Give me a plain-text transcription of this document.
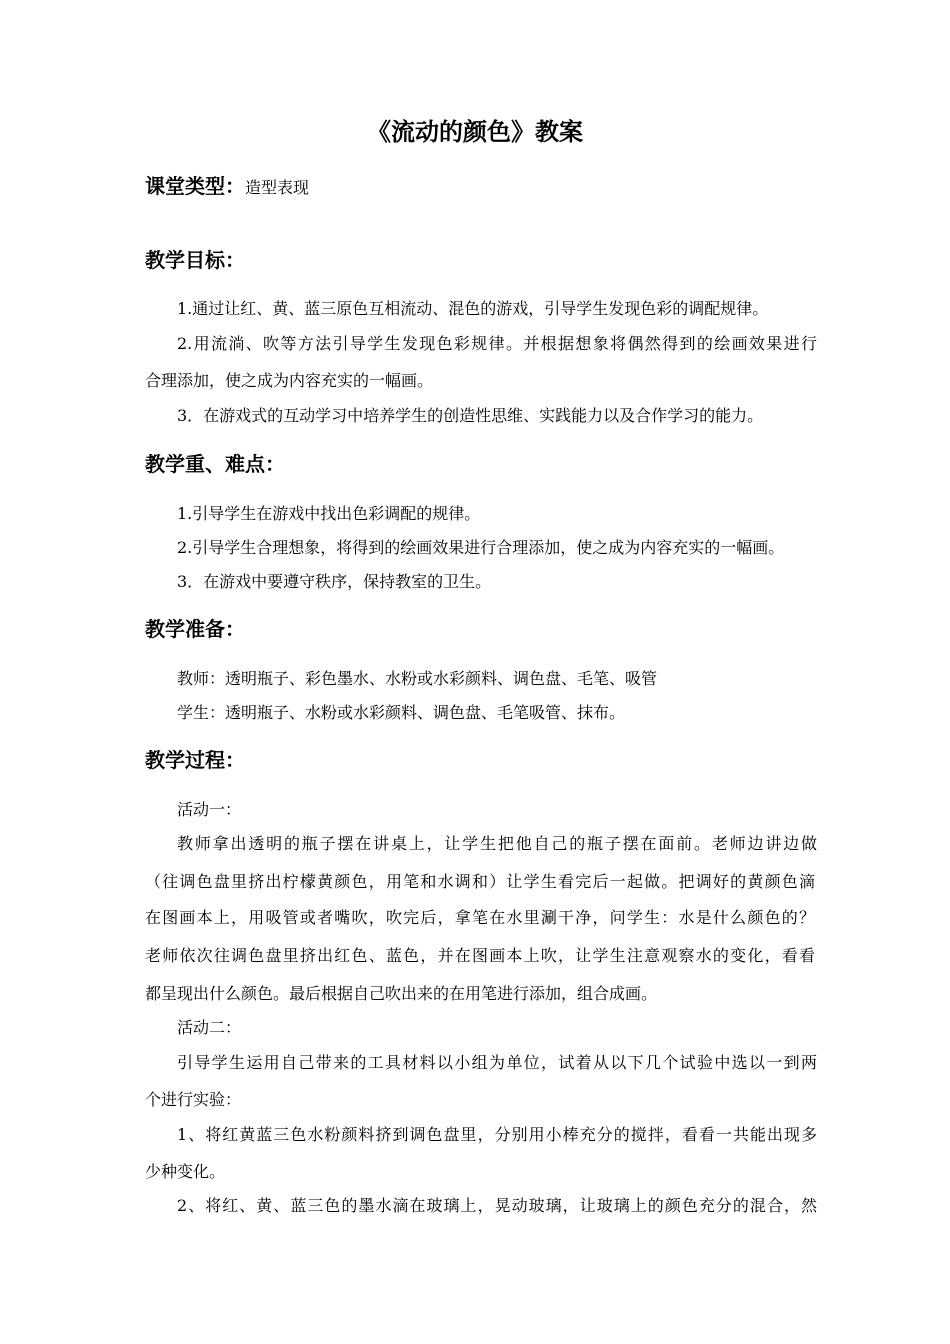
《流动的颜色》教案
课堂类型：造型表现
教学目标：
1.通过让红、黄、蓝三原色互相流动、混色的游戏，引导学生发现色彩的调配规律。
2.用流淌、吹等方法引导学生发现色彩规律。并根据想象将偶然得到的绘画效果进行
合理添加，使之成为内容充实的一幅画。
3．在游戏式的互动学习中培养学生的创造性思维、实践能力以及合作学习的能力。
教学重、难点：
1.引导学生在游戏中找出色彩调配的规律。
2.引导学生合理想象，将得到的绘画效果进行合理添加，使之成为内容充实的一幅画。
3．在游戏中要遵守秩序，保持教室的卫生。
教学准备：
教师：透明瓶子、彩色墨水、水粉或水彩颜料、调色盘、毛笔、吸管
学生：透明瓶子、水粉或水彩颜料、调色盘、毛笔吸管、抹布。
教学过程：
活动一：
教师拿出透明的瓶子摆在讲桌上，让学生把他自己的瓶子摆在面前。老师边讲边做
（往调色盘里挤出柠檬黄颜色，用笔和水调和）让学生看完后一起做。把调好的黄颜色滴
在图画本上，用吸管或者嘴吹，吹完后，拿笔在水里涮干净，问学生：水是什么颜色的？
老师依次往调色盘里挤出红色、蓝色，并在图画本上吹，让学生注意观察水的变化，看看
都呈现出什么颜色。最后根据自己吹出来的在用笔进行添加，组合成画。
活动二：
引导学生运用自己带来的工具材料以小组为单位，试着从以下几个试验中选以一到两
个进行实验：
1、将红黄蓝三色水粉颜料挤到调色盘里，分别用小棒充分的搅拌，看看一共能出现多
少种变化。
2、将红、黄、蓝三色的墨水滴在玻璃上，晃动玻璃，让玻璃上的颜色充分的混合，然
